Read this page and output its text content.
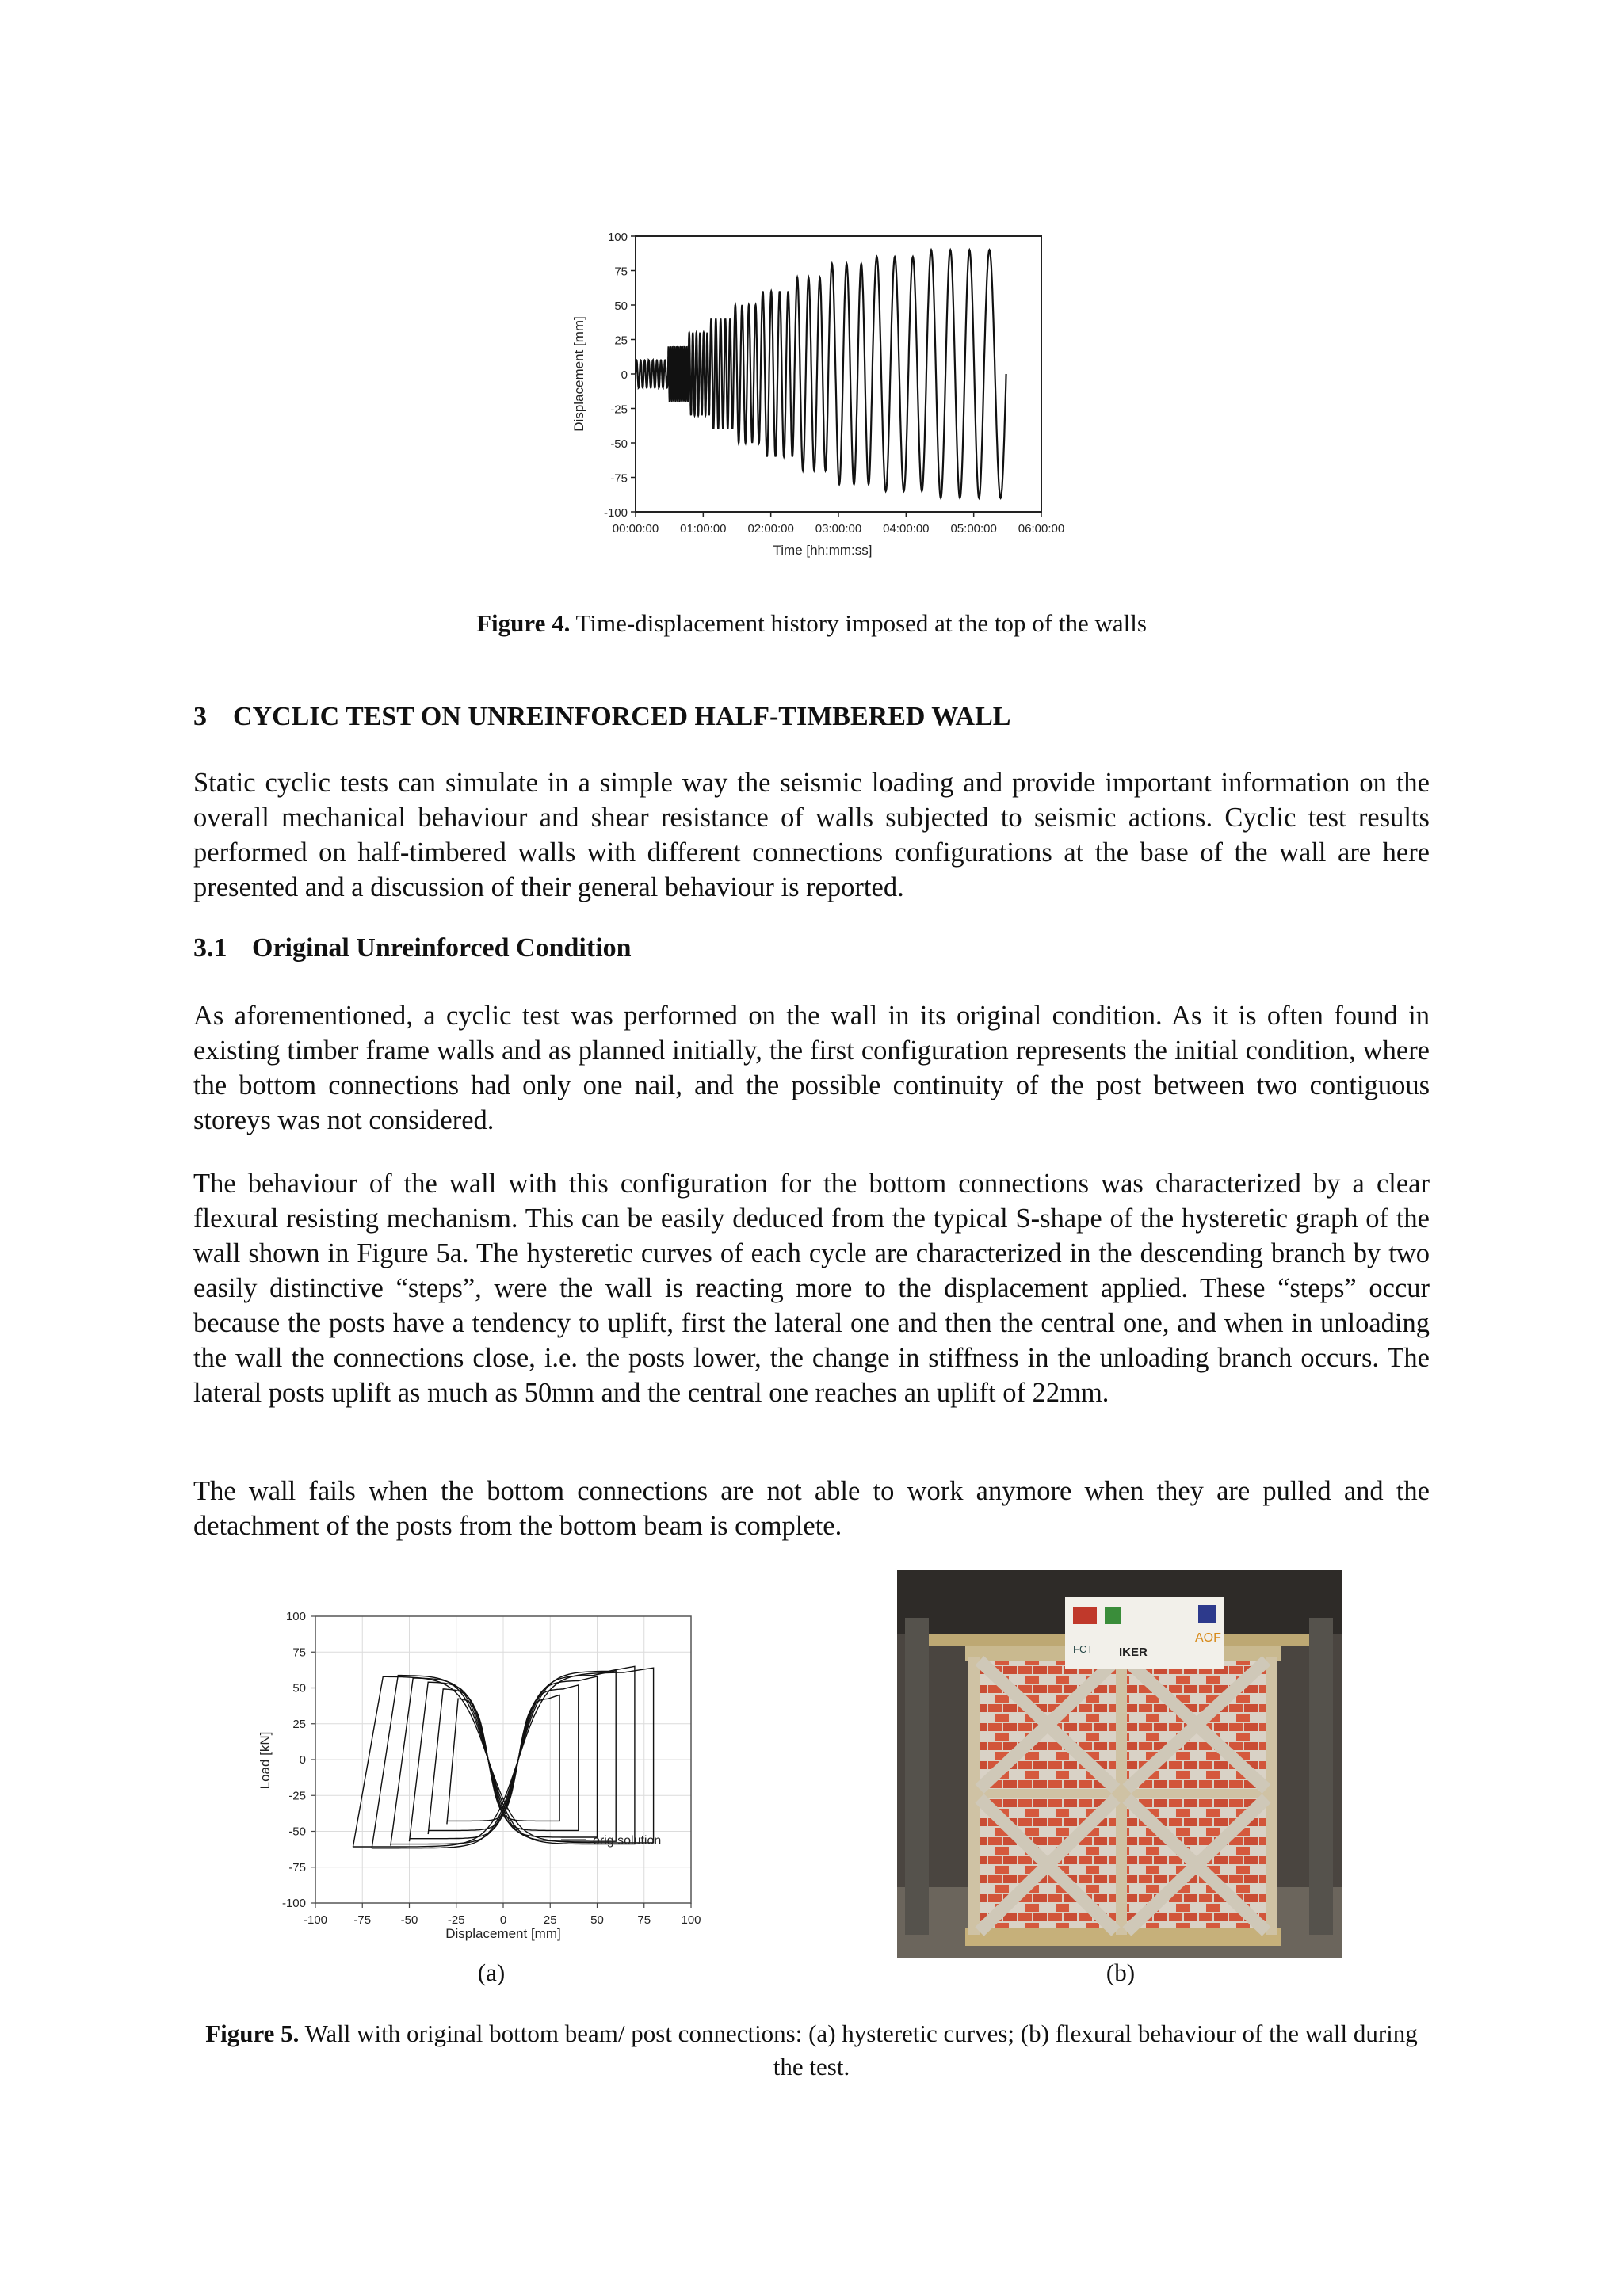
100
75
50
25
0
-25
-50
-75
-100
00:00:00 01:00:00 02:00:00 03:00:00 04:00:00 05:00:00 06:00:00
Displacement [mm]
Time [hh:mm:ss]
Figure 4. Time-displacement history imposed at the top of the walls
3 CYCLIC TEST ON UNREINFORCED HALF-TIMBERED WALL
Static cyclic tests can simulate in a simple way the seismic loading and provide important information on the overall mechanical behaviour and shear resistance of walls subjected to seismic actions. Cyclic test results performed on half-timbered walls with different connections configurations at the base of the wall are here presented and a discussion of their general behaviour is reported.
3.1 Original Unreinforced Condition
As aforementioned, a cyclic test was performed on the wall in its original condition. As it is often found in existing timber frame walls and as planned initially, the first configuration represents the initial condition, where the bottom connections had only one nail, and the possible continuity of the post between two contiguous storeys was not considered.
The behaviour of the wall with this configuration for the bottom connections was characterized by a clear flexural resisting mechanism. This can be easily deduced from the typical S-shape of the hysteretic graph of the wall shown in Figure 5a. The hysteretic curves of each cycle are characterized in the descending branch by two easily distinctive “steps”, were the wall is reacting more to the displacement applied. These “steps” occur because the posts have a tendency to uplift, first the lateral one and then the central one, and when in unloading the wall the connections close, i.e. the posts lower, the change in stiffness in the unloading branch occurs. The lateral posts uplift as much as 50mm and the central one reaches an uplift of 22mm.
The wall fails when the bottom connections are not able to work anymore when they are pulled and the detachment of the posts from the bottom beam is complete.
100
75
50
25
0
-25
-50
-75
-100
-100 -75	-50	-25	0	25	50	75	100
orig solution
Load [kN]
Displacement [mm]
FCT IKER
AOF
(a)	(b)
Figure 5. Wall with original bottom beam/ post connections: (a) hysteretic curves; (b) flexural behaviour of the wall during the test.
